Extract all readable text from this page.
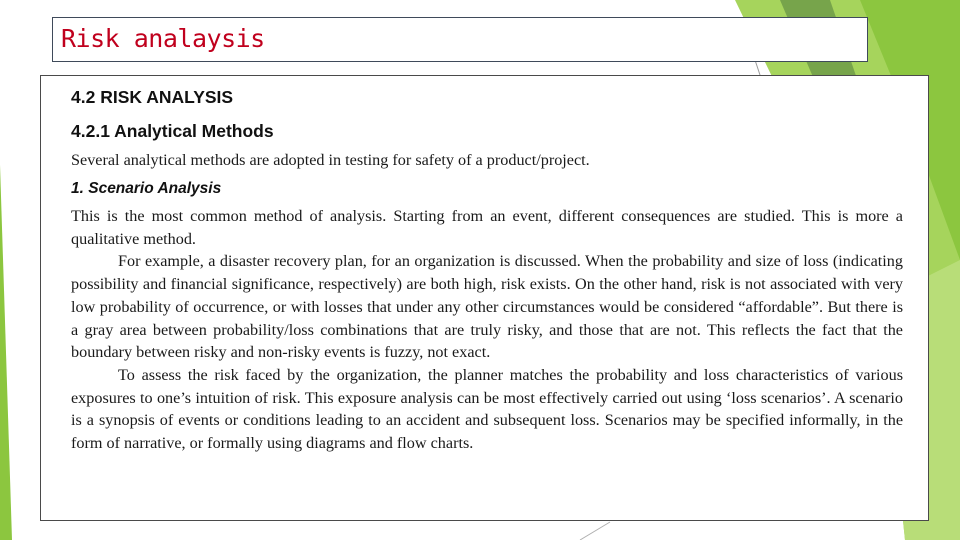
Risk analaysis
4.2 RISK ANALYSIS
4.2.1 Analytical Methods
Several analytical methods are adopted in testing for safety of a product/project.
1. Scenario Analysis

This is the most common method of analysis. Starting from an event, different consequences are studied. This is more a qualitative method.

For example, a disaster recovery plan, for an organization is discussed. When the probability and size of loss (indicating possibility and financial significance, respectively) are both high, risk exists. On the other hand, risk is not associated with very low probability of occurrence, or with losses that under any other circumstances would be considered “affordable”. But there is a gray area between probability/loss combinations that are truly risky, and those that are not. This reflects the fact that the boundary between risky and non-risky events is fuzzy, not exact.

To assess the risk faced by the organization, the planner matches the probability and loss characteristics of various exposures to one’s intuition of risk. This exposure analysis can be most effectively carried out using ‘loss scenarios’. A scenario is a synopsis of events or conditions leading to an accident and subsequent loss. Scenarios may be specified informally, in the form of narrative, or formally using diagrams and flow charts.
